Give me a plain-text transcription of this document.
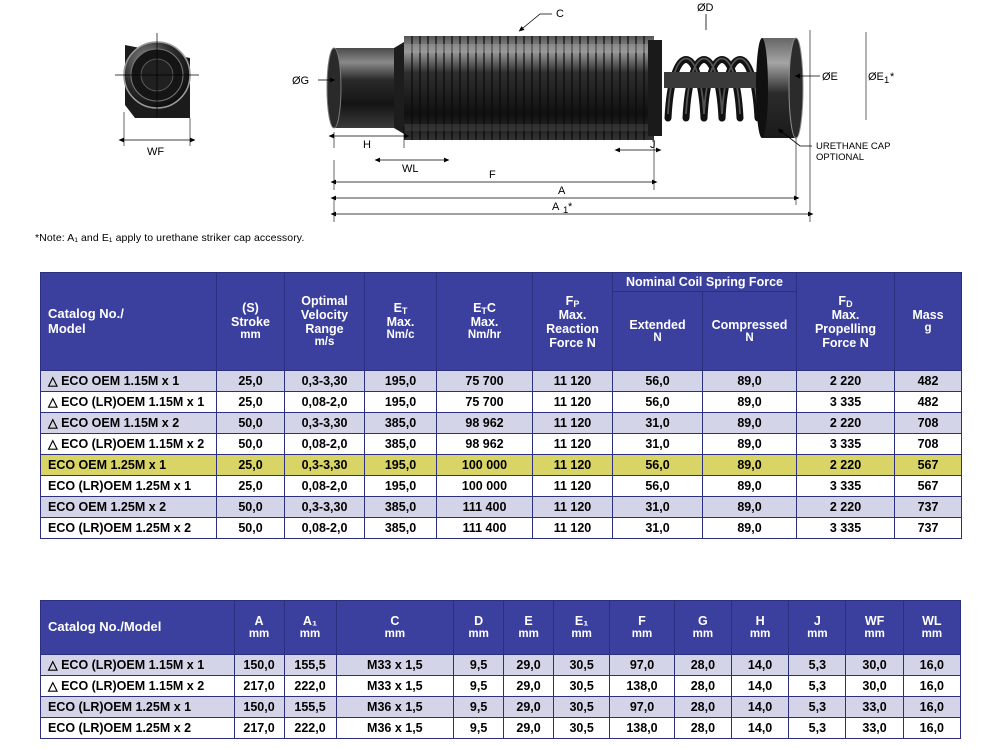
WF
C	ØD
ØG	ØE	ØE 1 *
URETHANE CAP
OPTIONAL
H
WL
J
F
A
A 1 *
*Note: A₁ and E₁ apply to urethane striker cap accessory.
Catalog No./
Model	(S)
Stroke
mm	Optimal
Velocity
Range
m/s	$E_T$
Max.
Nm/c	$E_TC$
Max.
Nm/hr	$F_P$
Max.
Reaction
Force N	Nominal Coil Spring Force		$F_D$
Max.
Propelling
Force N	Mass
g

						Extended
N	Compressed
N		

△ ECO OEM 1.15M x 1	25,0	0,3-3,30	195,0	75 700	11 120	56,0	89,0	2 220	482
△ ECO (LR)OEM 1.15M x 1	25,0	0,08-2,0	195,0	75 700	11 120	56,0	89,0	3 335	482
△ ECO OEM 1.15M x 2	50,0	0,3-3,30	385,0	98 962	11 120	31,0	89,0	2 220	708
△ ECO (LR)OEM 1.15M x 2	50,0	0,08-2,0	385,0	98 962	11 120	31,0	89,0	3 335	708
ECO OEM 1.25M x 1	25,0	0,3-3,30	195,0	100 000	11 120	56,0	89,0	2 220	567
ECO (LR)OEM 1.25M x 1	25,0	0,08-2,0	195,0	100 000	11 120	56,0	89,0	3 335	567
ECO OEM 1.25M x 2	50,0	0,3-3,30	385,0	111 400	11 120	31,0	89,0	2 220	737
ECO (LR)OEM 1.25M x 2	50,0	0,08-2,0	385,0	111 400	11 120	31,0	89,0	3 335	737
Catalog No./Model	A
mm	A₁
mm	C
mm	D
mm	E
mm	E₁
mm	F
mm	G
mm	H
mm	J
mm	WF
mm	WL
mm

△ ECO (LR)OEM 1.15M x 1	150,0	155,5	M33 x 1,5	9,5	29,0	30,5	97,0	28,0	14,0	5,3	30,0	16,0
△ ECO (LR)OEM 1.15M x 2	217,0	222,0	M33 x 1,5	9,5	29,0	30,5	138,0	28,0	14,0	5,3	30,0	16,0
ECO (LR)OEM 1.25M x 1	150,0	155,5	M36 x 1,5	9,5	29,0	30,5	97,0	28,0	14,0	5,3	33,0	16,0
ECO (LR)OEM 1.25M x 2	217,0	222,0	M36 x 1,5	9,5	29,0	30,5	138,0	28,0	14,0	5,3	33,0	16,0
